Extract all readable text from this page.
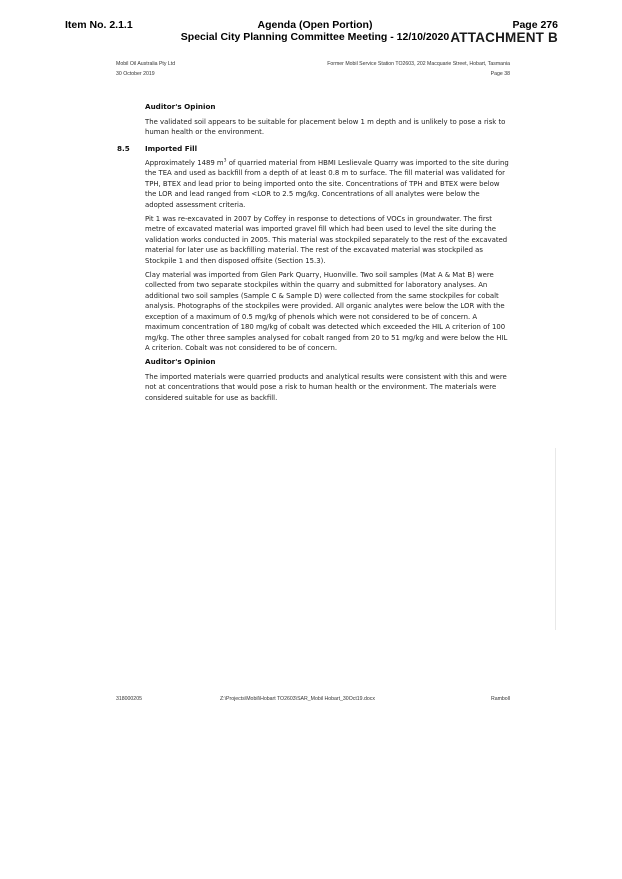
Item No. 2.1.1	Agenda (Open Portion)
Special City Planning Committee Meeting - 12/10/2020
Page 276
ATTACHMENT B
Mobil Oil Australia Pty Ltd
30 October 2019
Former Mobil Service Station TO2603, 202 Macquarie Street, Hobart, Tasmania
Page 38
Auditor's Opinion
The validated soil appears to be suitable for placement below 1 m depth and is unlikely to pose a risk to human health or the environment.
8.5 Imported Fill

Approximately 1489 $m^3$ of quarried material from HBMI Leslievale Quarry was imported to the site during the TEA and used as backfill from a depth of at least 0.8 m to surface. The fill material was validated for TPH, BTEX and lead prior to being imported onto the site. Concentrations of TPH and BTEX were below the LOR and lead ranged from <LOR to 2.5 mg/kg. Concentrations of all analytes were below the adopted assessment criteria.

Pit 1 was re-excavated in 2007 by Coffey in response to detections of VOCs in groundwater. The first metre of excavated material was imported gravel fill which had been used to level the site during the validation works conducted in 2005. This material was stockpiled separately to the rest of the excavated material for later use as backfilling material. The rest of the excavated material was stockpiled as Stockpile 1 and then disposed offsite (Section 15.3).

Clay material was imported from Glen Park Quarry, Huonville. Two soil samples (Mat A & Mat B) were collected from two separate stockpiles within the quarry and submitted for laboratory analyses. An additional two soil samples (Sample C & Sample D) were collected from the same stockpiles for cobalt analysis. Photographs of the stockpiles were provided. All organic analytes were below the LOR with the exception of a maximum of 0.5 mg/kg of phenols which were not considered to be of concern. A maximum concentration of 180 mg/kg of cobalt was detected which exceeded the HIL A criterion of 100 mg/kg. The other three samples analysed for cobalt ranged from 20 to 51 mg/kg and were below the HIL A criterion. Cobalt was not considered to be of concern.

Auditor's Opinion

The imported materials were quarried products and analytical results were consistent with this and were not at concentrations that would pose a risk to human health or the environment. The materials were considered suitable for use as backfill.

318000205	Z:\Projects\Mobil\Hobart TO2603\SAR_Mobil Hobart_30Oct19.docx	Ramboll
